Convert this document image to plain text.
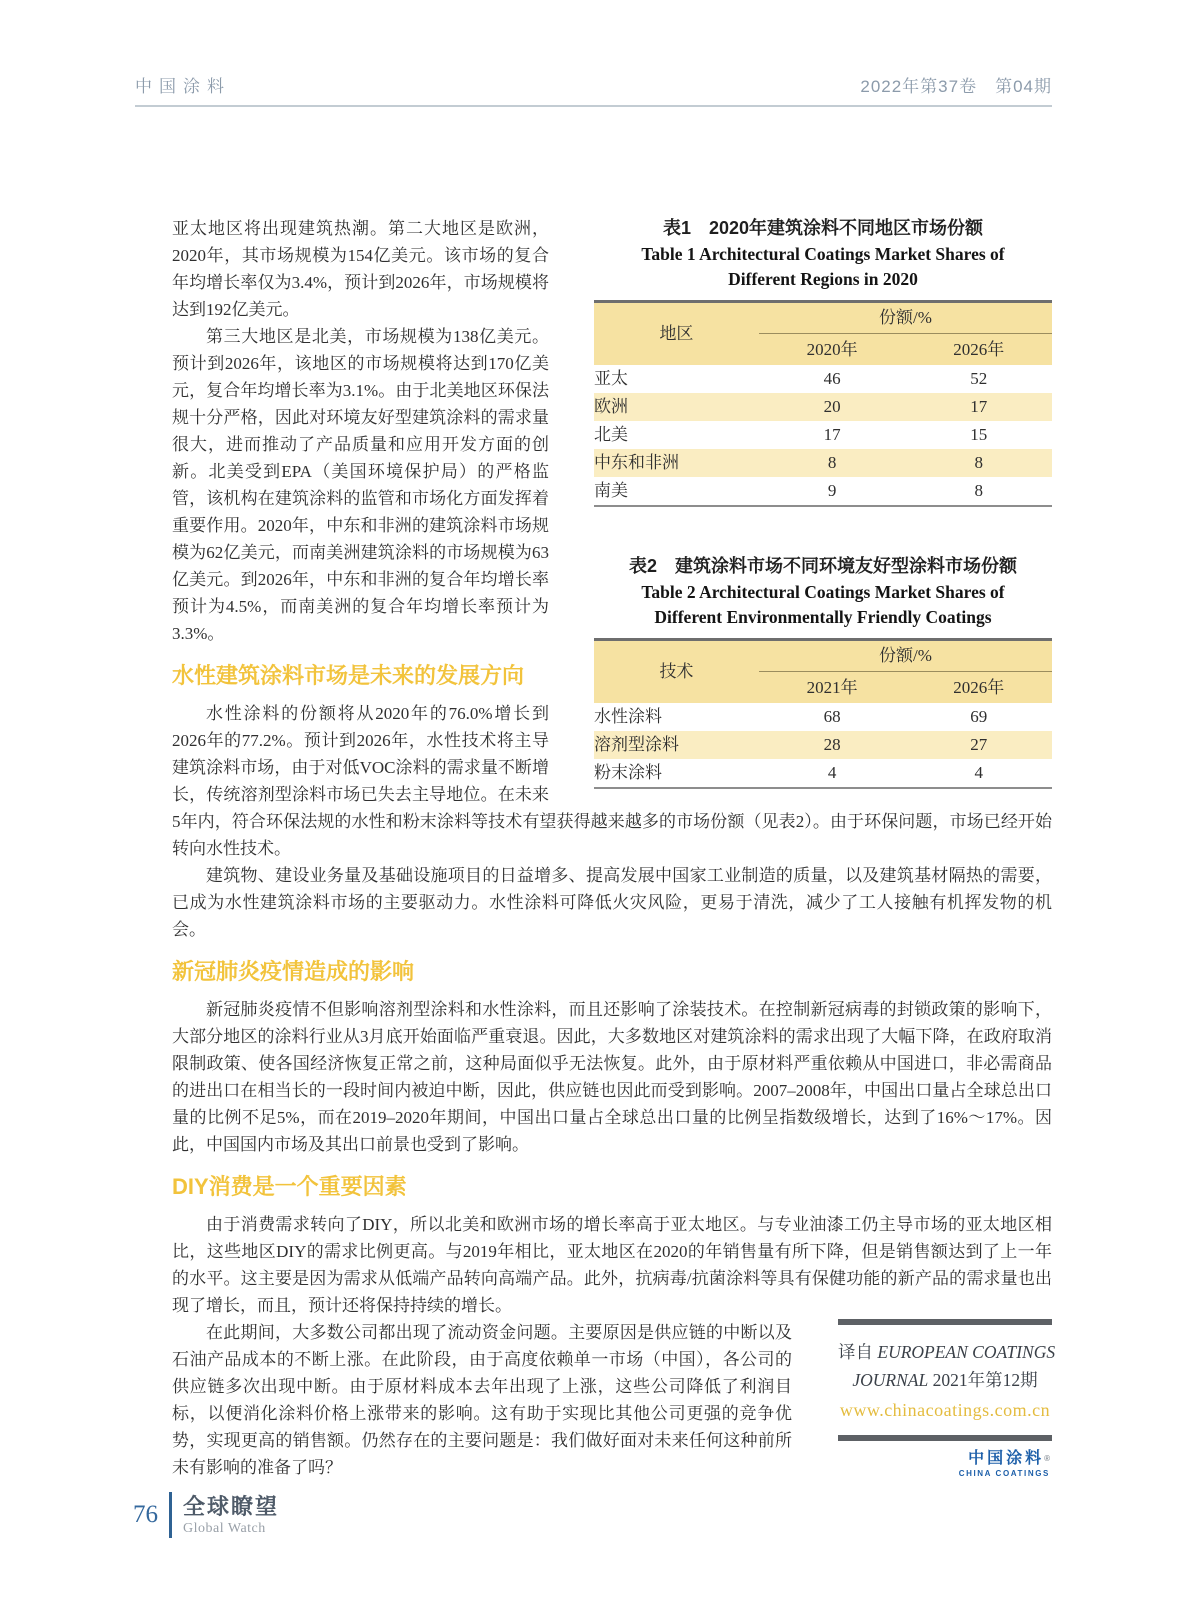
中国涂料	2022年第37卷　第04期
表1　2020年建筑涂料不同地区市场份额
Table 1 Architectural Coatings Market Shares of
Different Regions in 2020
地区	份额/%	
	2020年	2026年
亚太	46	52
欧洲	20	17
北美	17	15
中东和非洲	8	8
南美	9	8
表2　建筑涂料市场不同环境友好型涂料市场份额
Table 2 Architectural Coatings Market Shares of
Different Environmentally Friendly Coatings
技术	份额/%	
	2021年	2026年
水性涂料	68	69
溶剂型涂料	28	27
粉末涂料	4	4

亚太地区将出现建筑热潮。第二大地区是欧洲，2020年，其市场规模为154亿美元。该市场的复合年均增长率仅为3.4%，预计到2026年，市场规模将达到192亿美元。

第三大地区是北美，市场规模为138亿美元。预计到2026年，该地区的市场规模将达到170亿美元，复合年均增长率为3.1%。由于北美地区环保法规十分严格，因此对环境友好型建筑涂料的需求量很大，进而推动了产品质量和应用开发方面的创新。北美受到EPA（美国环境保护局）的严格监管，该机构在建筑涂料的监管和市场化方面发挥着重要作用。2020年，中东和非洲的建筑涂料市场规模为62亿美元，而南美洲建筑涂料的市场规模为63亿美元。到2026年，中东和非洲的复合年均增长率预计为4.5%，而南美洲的复合年均增长率预计为3.3%。

水性建筑涂料市场是未来的发展方向

水性涂料的份额将从2020年的76.0%增长到2026年的77.2%。预计到2026年，水性技术将主导建筑涂料市场，由于对低VOC涂料的需求量不断增长，传统溶剂型涂料市场已失去主导地位。在未来5年内，符合环保法规的水性和粉末涂料等技术有望获得越来越多的市场份额（见表2）。由于环保问题，市场已经开始转向水性技术。

建筑物、建设业务量及基础设施项目的日益增多、提高发展中国家工业制造的质量，以及建筑基材隔热的需要，已成为水性建筑涂料市场的主要驱动力。水性涂料可降低火灾风险，更易于清洗，减少了工人接触有机挥发物的机会。

新冠肺炎疫情造成的影响

新冠肺炎疫情不但影响溶剂型涂料和水性涂料，而且还影响了涂装技术。在控制新冠病毒的封锁政策的影响下，大部分地区的涂料行业从3月底开始面临严重衰退。因此，大多数地区对建筑涂料的需求出现了大幅下降，在政府取消限制政策、使各国经济恢复正常之前，这种局面似乎无法恢复。此外，由于原材料严重依赖从中国进口，非必需商品的进出口在相当长的一段时间内被迫中断，因此，供应链也因此而受到影响。2007–2008年，中国出口量占全球总出口量的比例不足5%，而在2019–2020年期间，中国出口量占全球总出口量的比例呈指数级增长，达到了16%～17%。因此，中国国内市场及其出口前景也受到了影响。

DIY消费是一个重要因素

由于消费需求转向了DIY，所以北美和欧洲市场的增长率高于亚太地区。与专业油漆工仍主导市场的亚太地区相比，这些地区DIY的需求比例更高。与2019年相比，亚太地区在2020的年销售量有所下降，但是销售额达到了上一年的水平。这主要是因为需求从低端产品转向高端产品。此外，抗病毒/抗菌涂料等具有保健功能的新产品的需求量也出现了增长，而且，预计还将保持持续的增长。

译自 EUROPEAN COATINGS
JOURNAL 2021年第12期
www.chinacoatings.com.cn
中国涂料®
CHINA COATINGS

在此期间，大多数公司都出现了流动资金问题。主要原因是供应链的中断以及石油产品成本的不断上涨。在此阶段，由于高度依赖单一市场（中国），各公司的供应链多次出现中断。由于原材料成本去年出现了上涨，这些公司降低了利润目标，以便消化涂料价格上涨带来的影响。这有助于实现比其他公司更强的竞争优势，实现更高的销售额。仍然存在的主要问题是：我们做好面对未来任何这种前所未有影响的准备了吗？

76 全球瞭望
Global Watch
